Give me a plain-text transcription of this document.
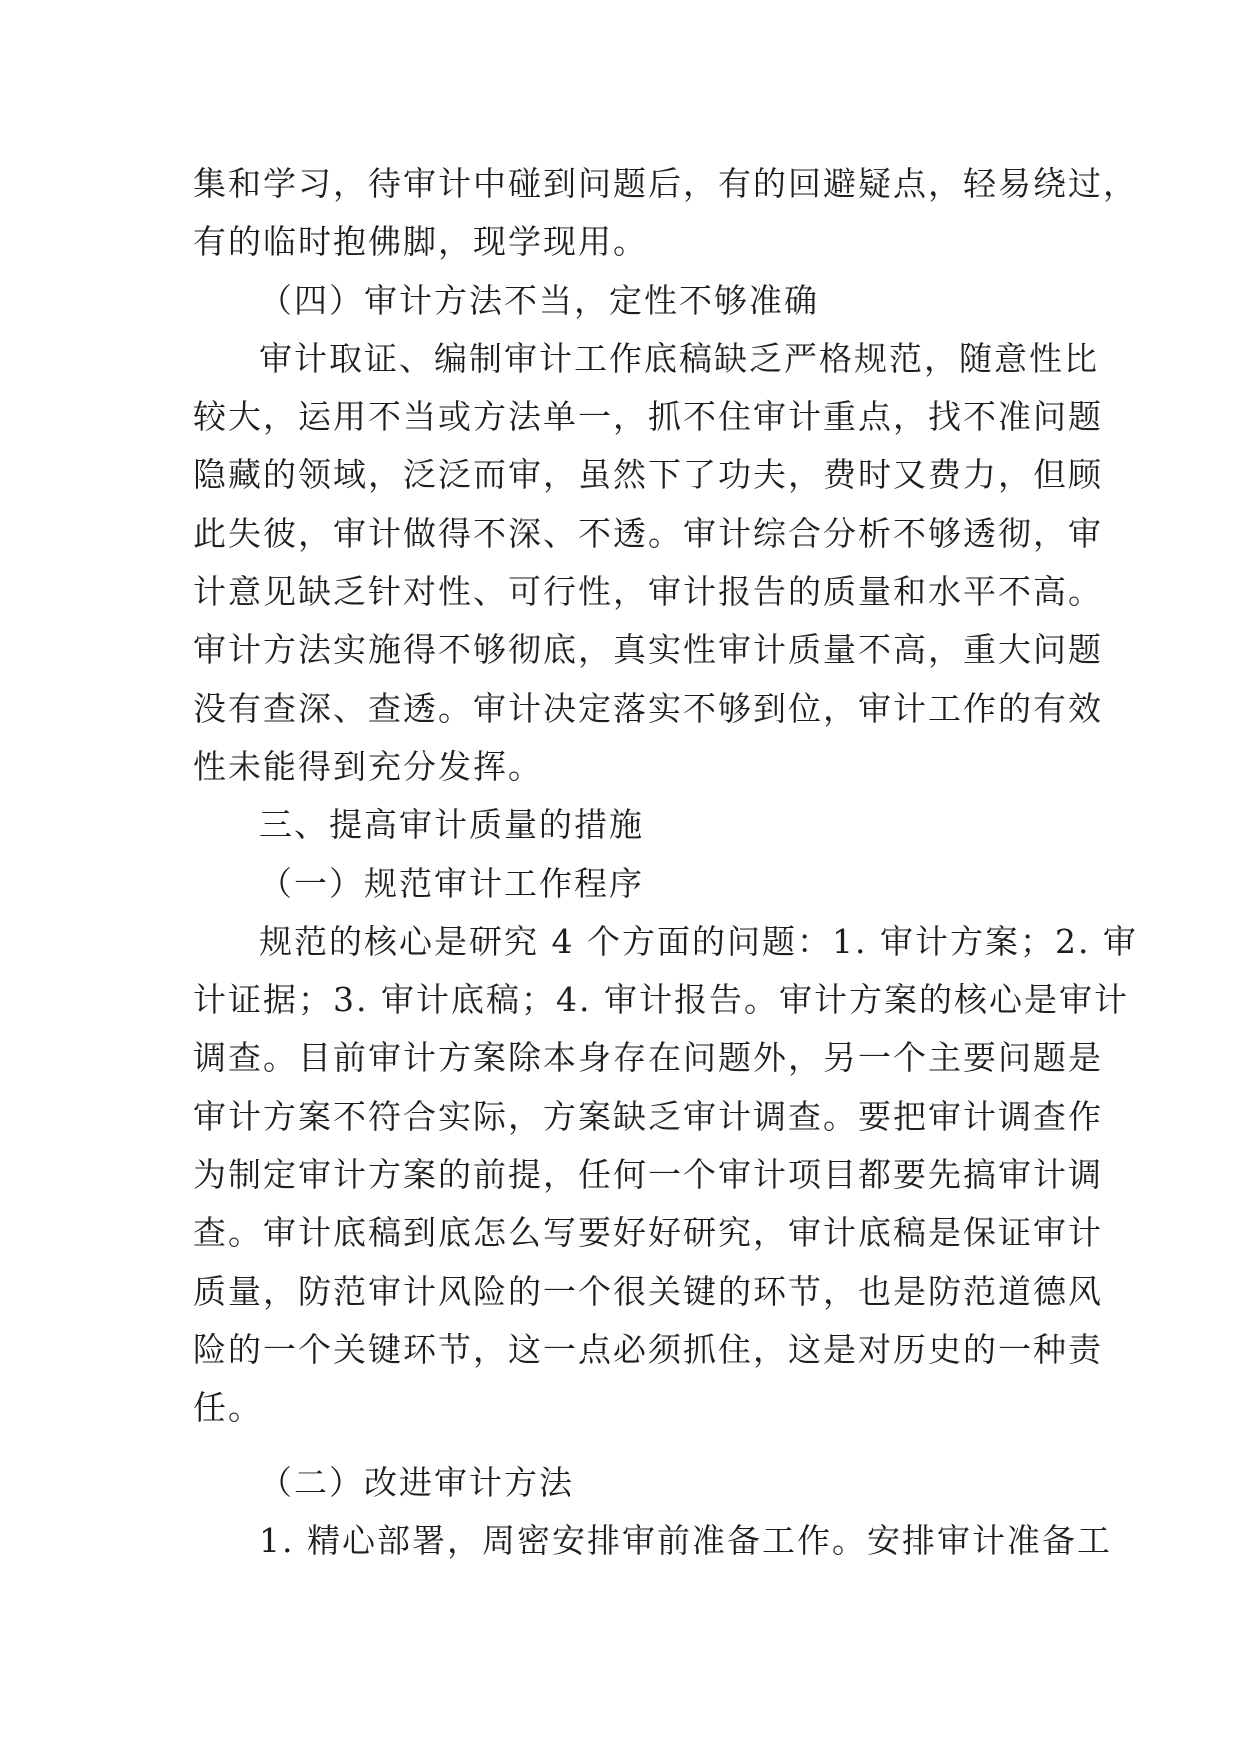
集和学习，待审计中碰到问题后，有的回避疑点，轻易绕过，
有的临时抱佛脚，现学现用。
（四）审计方法不当，定性不够准确
审计取证、编制审计工作底稿缺乏严格规范，随意性比
较大，运用不当或方法单一，抓不住审计重点，找不准问题
隐藏的领域，泛泛而审，虽然下了功夫，费时又费力，但顾
此失彼，审计做得不深、不透。审计综合分析不够透彻，审
计意见缺乏针对性、可行性，审计报告的质量和水平不高。
审计方法实施得不够彻底，真实性审计质量不高，重大问题
没有查深、查透。审计决定落实不够到位，审计工作的有效
性未能得到充分发挥。
三、提高审计质量的措施
（一）规范审计工作程序
规范的核心是研究 4 个方面的问题：1. 审计方案；2. 审
计证据；3. 审计底稿；4. 审计报告。审计方案的核心是审计
调查。目前审计方案除本身存在问题外，另一个主要问题是
审计方案不符合实际，方案缺乏审计调查。要把审计调查作
为制定审计方案的前提，任何一个审计项目都要先搞审计调
查。审计底稿到底怎么写要好好研究，审计底稿是保证审计
质量，防范审计风险的一个很关键的环节，也是防范道德风
险的一个关键环节，这一点必须抓住，这是对历史的一种责
任。
（二）改进审计方法
1. 精心部署，周密安排审前准备工作。安排审计准备工
